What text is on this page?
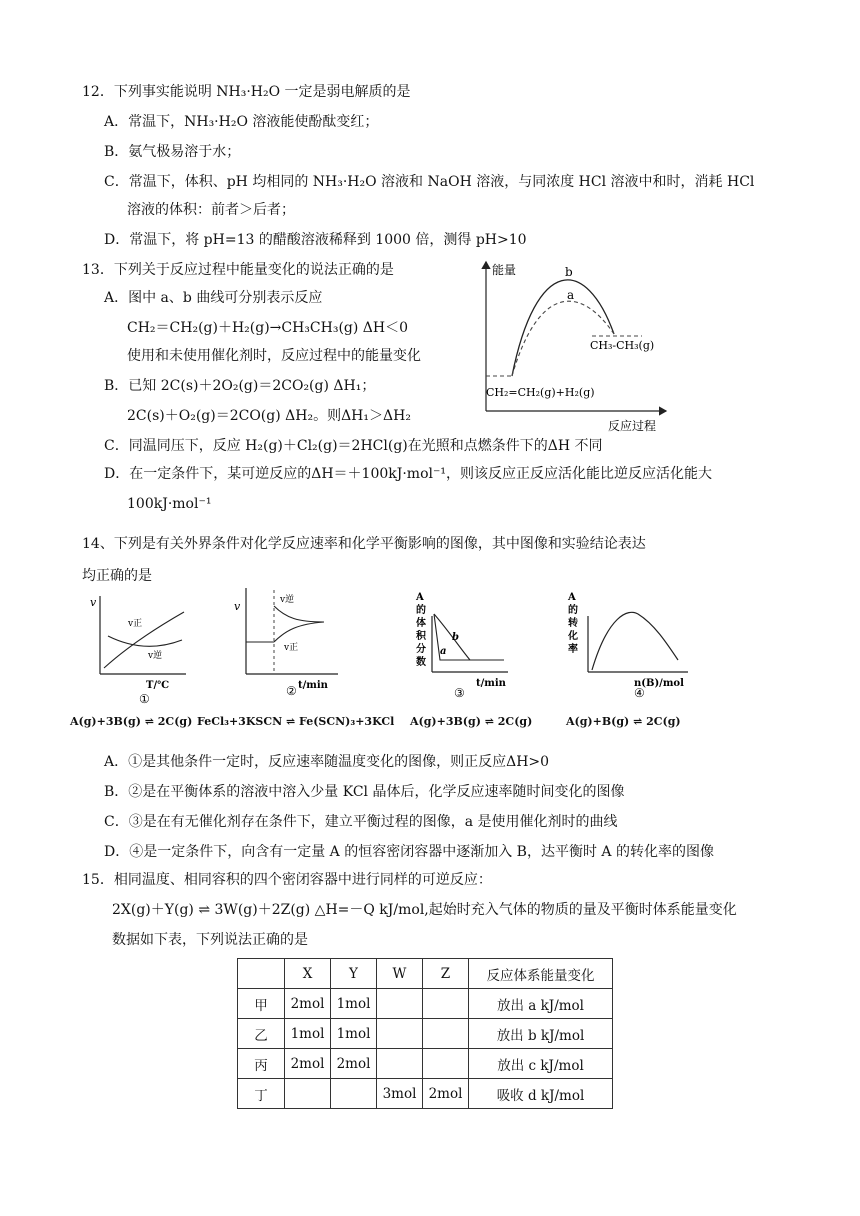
12．下列事实能说明 NH₃·H₂O 一定是弱电解质的是
A．常温下，NH₃·H₂O 溶液能使酚酞变红；
B．氨气极易溶于水；
C．常温下，体积、pH 均相同的 NH₃·H₂O 溶液和 NaOH 溶液，与同浓度 HCl 溶液中和时，消耗 HCl
溶液的体积：前者＞后者；
D．常温下，将 pH=13 的醋酸溶液稀释到 1000 倍，测得 pH>10
13．下列关于反应过程中能量变化的说法正确的是
A．图中 a、b 曲线可分别表示反应
CH₂＝CH₂(g)＋H₂(g)→CH₃CH₃(g) ΔH＜0
使用和未使用催化剂时，反应过程中的能量变化
B．已知 2C(s)＋2O₂(g)＝2CO₂(g) ΔH₁；
2C(s)＋O₂(g)＝2CO(g) ΔH₂。则ΔH₁＞ΔH₂
C．同温同压下，反应 H₂(g)＋Cl₂(g)＝2HCl(g)在光照和点燃条件下的ΔH 不同
D．在一定条件下，某可逆反应的ΔH＝＋100kJ·mol⁻¹，则该反应正反应活化能比逆反应活化能大
100kJ·mol⁻¹
能量
反应过程
b
a
CH₂=CH₂(g)+H₂(g)
CH₃-CH₃(g)
14、下列是有关外界条件对化学反应速率和化学平衡影响的图像，其中图像和实验结论表达
均正确的是
v
T/℃
v正
v逆
①
A(g)+3B(g) ⇌ 2C(g)
v
t/min
v逆
v正
②
FeCl₃+3KSCN ⇌ Fe(SCN)₃+3KCl
A
的
体
积
分
数
t/min
b
a
③
A(g)+3B(g) ⇌ 2C(g)
A
的
转
化
率
n(B)/mol
④
A(g)+B(g) ⇌ 2C(g)
A．①是其他条件一定时，反应速率随温度变化的图像，则正反应ΔH>0
B．②是在平衡体系的溶液中溶入少量 KCl 晶体后，化学反应速率随时间变化的图像
C．③是在有无催化剂存在条件下，建立平衡过程的图像，a 是使用催化剂时的曲线
D．④是一定条件下，向含有一定量 A 的恒容密闭容器中逐渐加入 B，达平衡时 A 的转化率的图像
15．相同温度、相同容积的四个密闭容器中进行同样的可逆反应：
2X(g)＋Y(g) ⇌ 3W(g)＋2Z(g) △H=－Q kJ/mol,起始时充入气体的物质的量及平衡时体系能量变化
数据如下表，下列说法正确的是
	X	Y	W	Z	反应体系能量变化
甲	2mol	1mol			放出 a kJ/mol
乙	1mol	1mol			放出 b kJ/mol
丙	2mol	2mol			放出 c kJ/mol
丁			3mol	2mol	吸收 d kJ/mol
